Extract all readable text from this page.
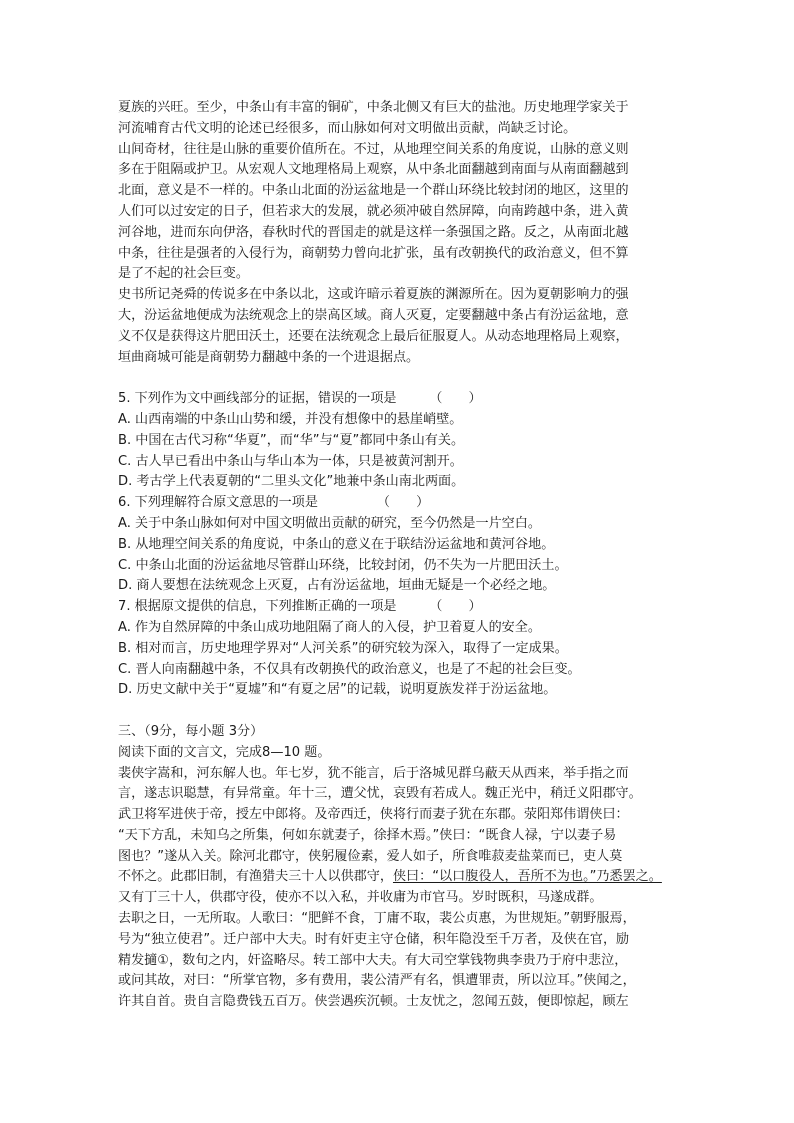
夏族的兴旺。至少，中条山有丰富的铜矿，中条北侧又有巨大的盐池。历史地理学家关于
河流哺育古代文明的论述已经很多，而山脉如何对文明做出贡献，尚缺乏讨论。
山间奇材，往往是山脉的重要价值所在。不过，从地理空间关系的角度说，山脉的意义则
多在于阻隔或护卫。从宏观人文地理格局上观察，从中条北面翻越到南面与从南面翻越到
北面，意义是不一样的。中条山北面的汾运盆地是一个群山环绕比较封闭的地区，这里的
人们可以过安定的日子，但若求大的发展，就必须冲破自然屏障，向南跨越中条，进入黄
河谷地，进而东向伊洛，春秋时代的晋国走的就是这样一条强国之路。反之，从南面北越
中条，往往是强者的入侵行为，商朝势力曾向北扩张，虽有改朝换代的政治意义，但不算
是了不起的社会巨变。
史书所记尧舜的传说多在中条以北，这或许暗示着夏族的渊源所在。因为夏朝影响力的强
大，汾运盆地便成为法统观念上的崇高区域。商人灭夏，定要翻越中条占有汾运盆地，意
义不仅是获得这片肥田沃土，还要在法统观念上最后征服夏人。从动态地理格局上观察，
垣曲商城可能是商朝势力翻越中条的一个进退据点。
5. 下列作为文中画线部分的证据，错误的一项是　　　（　　）
A. 山西南端的中条山山势和缓，并没有想像中的悬崖峭壁。
B. 中国在古代习称“华夏”，而“华”与“夏”都同中条山有关。
C. 古人早已看出中条山与华山本为一体，只是被黄河割开。
D. 考古学上代表夏朝的“二里头文化”地兼中条山南北两面。
6. 下列理解符合原文意思的一项是　　　　　（　　）
A. 关于中条山脉如何对中国文明做出贡献的研究，至今仍然是一片空白。
B. 从地理空间关系的角度说，中条山的意义在于联结汾运盆地和黄河谷地。
C. 中条山北面的汾运盆地尽管群山环绕，比较封闭，仍不失为一片肥田沃土。
D. 商人要想在法统观念上灭夏，占有汾运盆地，垣曲无疑是一个必经之地。
7. 根据原文提供的信息，下列推断正确的一项是　　　（　　）
A. 作为自然屏障的中条山成功地阻隔了商人的入侵，护卫着夏人的安全。
B. 相对而言，历史地理学界对“人河关系”的研究较为深入，取得了一定成果。
C. 晋人向南翻越中条，不仅具有改朝换代的政治意义，也是了不起的社会巨变。
D. 历史文献中关于“夏墟”和“有夏之居”的记载，说明夏族发祥于汾运盆地。
三、（9分，每小题 3分）
阅读下面的文言文，完成8—10 题。
裴侠字嵩和，河东解人也。年七岁，犹不能言，后于洛城见群乌蔽天从西来，举手指之而
言，遂志识聪慧，有异常童。年十三，遭父忧，哀毁有若成人。魏正光中，稍迁义阳郡守。
武卫将军进侠于帝，授左中郎将。及帝西迁，侠将行而妻子犹在东郡。荥阳郑伟谓侠曰：
“天下方乱，未知乌之所集，何如东就妻子，徐择木焉。”侠曰：“既食人禄，宁以妻子易
图也？”遂从入关。除河北郡守，侠躬履俭素，爱人如子，所食唯菽麦盐菜而已，吏人莫
不怀之。此郡旧制，有渔猎夫三十人以供郡守，侠曰：“以口腹役人，吾所不为也。”乃悉罢之。
又有丁三十人，供郡守役，使亦不以入私，并收庸为市官马。岁时既积，马遂成群。
去职之日，一无所取。人歌曰：“肥鲜不食，丁庸不取，裴公贞惠，为世规矩。”朝野服焉，
号为“独立使君”。迁户部中大夫。时有奸吏主守仓储，积年隐没至千万者，及侠在官，励
精发擿①，数旬之内，奸盗略尽。转工部中大夫。有大司空掌钱物典李贵乃于府中悲泣，
或问其故，对曰：“所掌官物，多有费用，裴公清严有名，惧遭罪责，所以泣耳。”侠闻之，
许其自首。贵自言隐费钱五百万。侠尝遇疾沉顿。士友忧之，忽闻五鼓，便即惊起，顾左
